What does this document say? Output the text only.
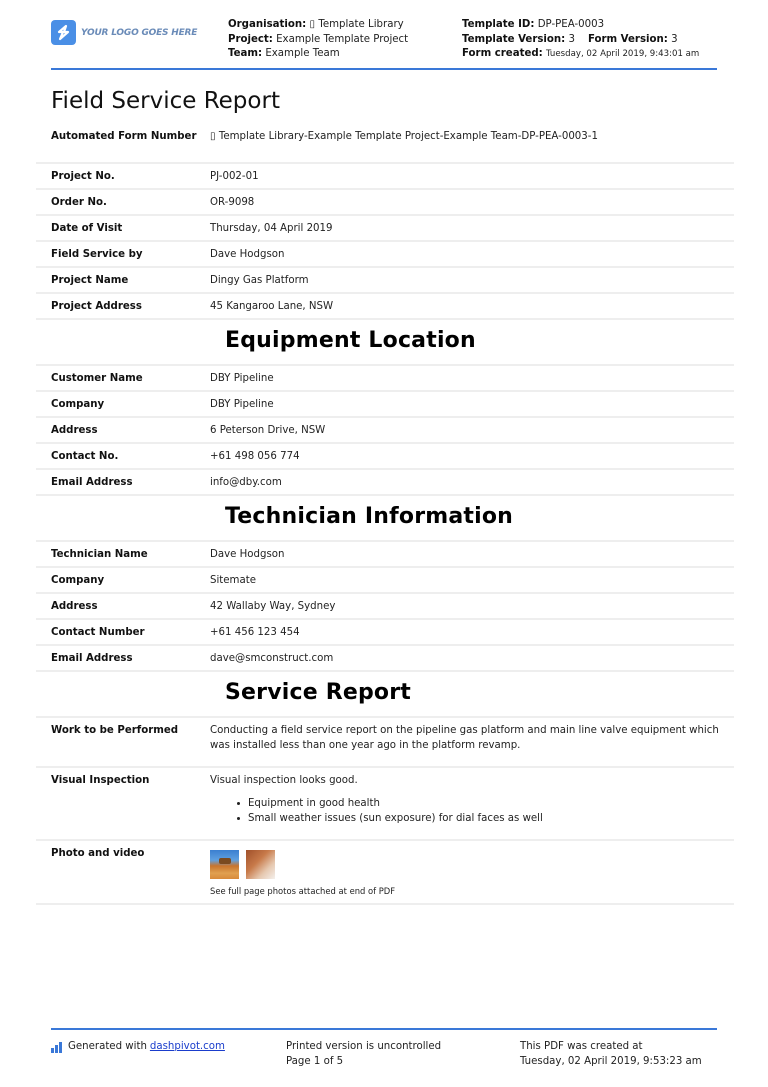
YOUR LOGO GOES HERE
Organisation: ▯ Template Library
Project: Example Template Project
Team: Example Team
Template ID: DP-PEA-0003
Template Version: 3 Form Version: 3
Form created: Tuesday, 02 April 2019, 9:43:01 am
Field Service Report
Automated Form Number	▯ Template Library-Example Template Project-Example Team-DP-PEA-0003-1
Project No.	PJ-002-01
Order No.	OR-9098
Date of Visit	Thursday, 04 April 2019
Field Service by	Dave Hodgson
Project Name	Dingy Gas Platform
Project Address	45 Kangaroo Lane, NSW
Equipment Location
Customer Name	DBY Pipeline
Company	DBY Pipeline
Address	6 Peterson Drive, NSW
Contact No.	+61 498 056 774
Email Address	info@dby.com
Technician Information
Technician Name	Dave Hodgson
Company	Sitemate
Address	42 Wallaby Way, Sydney
Contact Number	+61 456 123 454
Email Address	dave@smconstruct.com
Service Report
Work to be Performed	Conducting a field service report on the pipeline gas platform and main line valve equipment which was installed less than one year ago in the platform revamp.
Visual Inspection	Visual inspection looks good.
Equipment in good health
Small weather issues (sun exposure) for dial faces as well
Photo and video
See full page photos attached at end of PDF
Generated with dashpivot.com	Printed version is uncontrolled
Page 1 of 5
This PDF was created at
Tuesday, 02 April 2019, 9:53:23 am
